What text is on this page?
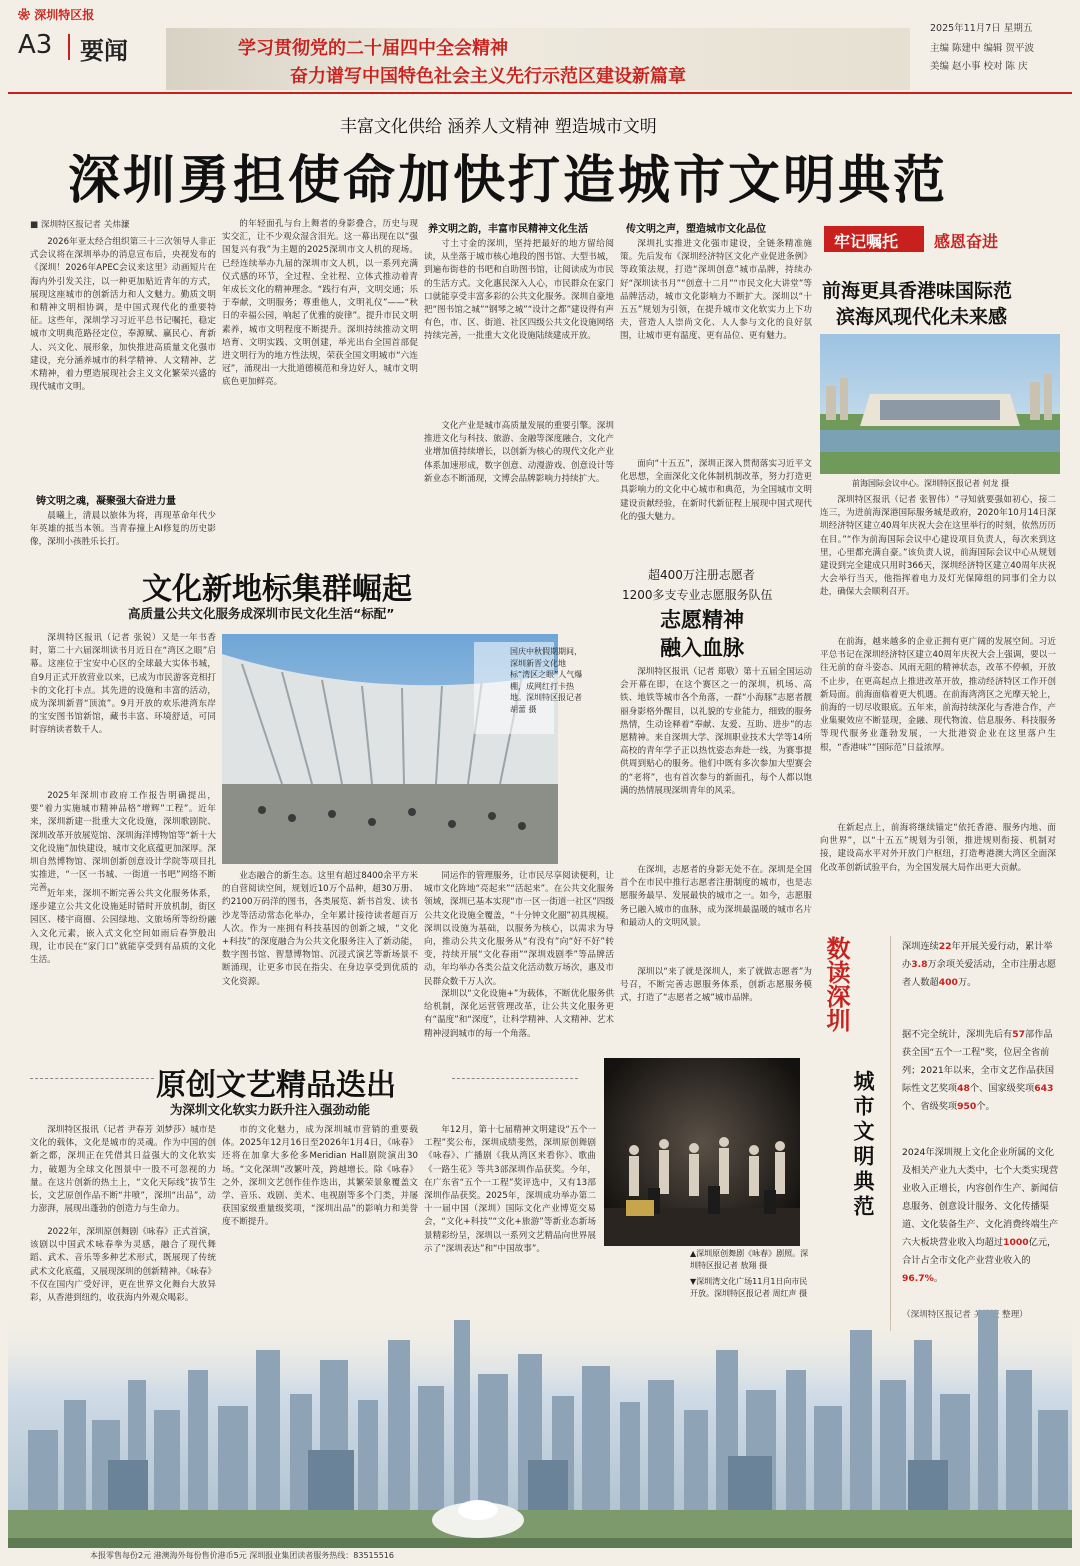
❀ 深圳特区报
A3 要闻	学习贯彻党的二十届四中全会精神
奋力谱写中国特色社会主义先行示范区建设新篇章
2025年11月7日 星期五
主编 陈建中 编辑 贺平波
美编 赵小事 校对 陈 庆
丰富文化供给 涵养人文精神 塑造城市文明
深圳勇担使命加快打造城市文明典范
■ 深圳特区报记者 关炜濂
2026年亚太经合组织第三十三次领导人非正式会议将在深圳举办的消息宣布后，央视发布的《深圳！2026年APEC会议来这里》动画短片在海内外引发关注，以一种更加贴近青年的方式，展现这座城市的创新活力和人文魅力。勤质文明和精神文明相协调，是中国式现代化的重要特征。这些年，深圳学习习近平总书记嘱托，稳定城市文明典范路径定位，奉源赋、赢民心、育新人、兴文化、展形象，加快推进高质量文化强市建设，充分涵养城市的科学精神、人文精神、艺术精神，着力塑造展现社会主义文化繁荣兴盛的现代城市文明。
铸文明之魂，凝聚强大奋进力量
晨曦上，清晨以旅体为将，再现革命年代少年英雄的抵当本领。当青春撞上AI修复的历史影像，深圳小孩胜乐长打。
的年轻面孔与台上舞者的身影叠合，历史与现实交汇，让不少观众湿含泪光。这一幕出现在以“强国复兴有我”为主题的2025深圳市文人机的现场。已经连续举办九届的深圳市文人机，以一系列充满仪式感的环节，全过程、全社程、立体式推动着青年成长文化的精神理念。“践行有声，文明交通；乐于奉献，文明服务；尊重他人，文明礼仪”——“秋日的幸福公园，响起了优雅的旋律”。提升市民文明素养，城市文明程度不断提升。深圳持续推动文明培育、文明实践、文明创建，举光出台全国首部促进文明行为的地方性法规，荣获全国文明城市“六连冠”，涌现出一大批道德模范和身边好人，城市文明底色更加鲜亮。
养文明之韵，丰富市民精神文化生活
寸土寸金的深圳，坚持把最好的地方留给阅读，从坐落于城市核心地段的图书馆、大型书城，到遍布街巷的书吧和自助图书馆，让阅读成为市民的生活方式。文化惠民深入人心，市民群众在家门口就能享受丰富多彩的公共文化服务。深圳自豪地把“图书馆之城”“钢琴之城”“设计之都”建设得有声有色，市、区、街道、社区四级公共文化设施网络持续完善，一批重大文化设施陆续建成开放。
文化产业是城市高质量发展的重要引擎。深圳推进文化与科技、旅游、金融等深度融合，文化产业增加值持续增长，以创新为核心的现代文化产业体系加速形成，数字创意、动漫游戏、创意设计等新业态不断涌现，文博会品牌影响力持续扩大。
传文明之声，塑造城市文化品位
深圳扎实推进文化强市建设，全链条精准施策。先后发布《深圳经济特区文化产业促进条例》等政策法规，打造“深圳创意”城市品牌，持续办好“深圳读书月”“创意十二月”“市民文化大讲堂”等品牌活动，城市文化影响力不断扩大。深圳以“十五五”规划为引领，在提升城市文化软实力上下功夫，营造人人崇尚文化、人人参与文化的良好氛围，让城市更有温度、更有品位、更有魅力。
面向“十五五”，深圳正深入贯彻落实习近平文化思想，全面深化文化体制机制改革，努力打造更具影响力的文化中心城市和典范，为全国城市文明建设贡献经验，在新时代新征程上展现中国式现代化的强大魅力。
牢记嘱托 感恩奋进
前海更具香港味国际范
滨海风现代化未来感
前海国际会议中心。深圳特区报记者 何龙 摄
深圳特区报讯（记者 张智伟）“寻知就要强如初心，接二连三，为进前海深港国际服务城是政府，2020年10月14日深圳经济特区建立40周年庆祝大会在这里举行的时刻，依然历历在目。”“作为前海国际会议中心建设项目负责人，每次来到这里，心里都充满自豪。”该负责人说，前海国际会议中心从规划建设到完全建成只用时366天，深圳经济特区建立40周年庆祝大会举行当天，他指挥着电力及灯光保障组的同事们全力以赴，确保大会顺利召开。
在前海，越来越多的企业正拥有更广阔的发展空间。习近平总书记在深圳经济特区建立40周年庆祝大会上强调，要以一往无前的奋斗姿态、风雨无阻的精神状态，改革不停顿，开放不止步，在更高起点上推进改革开放，推动经济特区工作开创新局面。前海面临着更大机遇。在前海湾湾区之光摩天轮上，前海的一切尽收眼底。五年来，前海持续深化与香港合作，产业集聚效应不断显现，金融、现代物流、信息服务、科技服务等现代服务业蓬勃发展，一大批港资企业在这里落户生根，“香港味”“国际范”日益浓厚。
在新起点上，前海将继续锚定“依托香港、服务内地、面向世界”，以“十五五”规划为引领，推进规则衔接、机制对接，建设高水平对外开放门户枢纽，打造粤港澳大湾区全面深化改革创新试验平台，为全国发展大局作出更大贡献。
文化新地标集群崛起
高质量公共文化服务成深圳市民文化生活“标配”
深圳特区报讯（记者 张锐）又是一年书香时，第二十六届深圳读书月近日在“湾区之眼”启幕。这座位于宝安中心区的全球最大实体书城，自9月正式开放营业以来，已成为市民游客竞相打卡的文化打卡点。其先进的设施和丰富的活动，成为深圳新晋“顶流”。9月开放的欢乐港湾东岸的宝安图书馆新馆，藏书丰富、环境舒适，可同时容纳读者数千人。
2025年深圳市政府工作报告明确提出，要“着力实施城市精神品格“增辉”工程”。近年来，深圳新建一批重大文化设施，深圳歌剧院、深圳改革开放展览馆、深圳海洋博物馆等“新十大文化设施”加快建设，城市文化底蕴更加深厚。深圳自然博物馆、深圳创新创意设计学院等项目扎实推进，“一区一书城、一街道一书吧”网络不断完善。
近年来，深圳不断完善公共文化服务体系，逐步建立公共文化设施延时错时开放机制，街区园区、楼宇商圈、公园绿地、文旅场所等纷纷融入文化元素，嵌入式文化空间如雨后春笋般出现，让市民在“家门口”就能享受到有品质的文化生活。
国庆中秋假期期间，深圳新晋文化地标“湾区之眼”人气爆棚，成网红打卡热地。深圳特区报记者 胡蕾 摄
业态融合的新生态。这里有超过8400余平方米的自营阅读空间，规划近10万个品种，超30万册、约2100万码洋的图书，各类展览、新书首发、读书沙龙等活动常态化举办，全年累计接待读者超百万人次。作为一座拥有科技基因的创新之城，“文化+科技”的深度融合为公共文化服务注入了新动能，数字图书馆、智慧博物馆、沉浸式演艺等新场景不断涌现，让更多市民在指尖、在身边享受到优质的文化资源。
同运作的管理服务，让市民尽享阅读便利，让城市文化阵地“亮起来”“活起来”。在公共文化服务领域，深圳已基本实现“市一区一街道一社区”四级公共文化设施全覆盖，“十分钟文化圈”初具规模。深圳以设施为基础，以服务为核心，以需求为导向，推动公共文化服务从“有没有”向“好不好”转变，持续开展“文化春雨”“深圳戏剧季”等品牌活动，年均举办各类公益文化活动数万场次，惠及市民群众数千万人次。
深圳以“文化设施+”为载体，不断优化服务供给机制，深化运营管理改革，让公共文化服务更有“温度”和“深度”，让科学精神、人文精神、艺术精神浸润城市的每一个角落。
超400万注册志愿者
1200多支专业志愿服务队伍
志愿精神
融入血脉
深圳特区报讯（记者 郑敬）第十五届全国运动会开幕在即，在这个赛区之一的深圳，机场、高铁、地铁等城市各个角落，一群“小海豚”志愿者靓丽身影格外醒目，以礼貌的专业能力，细致的服务热情，生动诠释着“奉献、友爱、互助、进步”的志愿精神。来自深圳大学、深圳职业技术大学等14所高校的青年学子正以热忱姿态奔赴一线，为赛事提供周到贴心的服务。他们中既有多次参加大型赛会的“老将”，也有首次参与的新面孔，每个人都以饱满的热情展现深圳青年的风采。
在深圳，志愿者的身影无处不在。深圳是全国首个在市民中推行志愿者注册制度的城市，也是志愿服务最早、发展最快的城市之一。如今，志愿服务已融入城市的血脉，成为深圳最温暖的城市名片和最动人的文明风景。
深圳以“来了就是深圳人，来了就做志愿者”为号召，不断完善志愿服务体系，创新志愿服务模式，打造了“志愿者之城”城市品牌。	数读深圳
城市文明典范
深圳连续22年开展关爱行动，累计举办3.8万余项关爱活动，全市注册志愿者人数超400万。
据不完全统计，深圳先后有57部作品获全国“五个一工程”奖，位居全省前列；2021年以来，全市文艺作品获国际性文艺奖项48个、国家级奖项643个、省级奖项950个。
2024年深圳规上文化企业所属的文化及相关产业九大类中，七个大类实现营业收入正增长，内容创作生产、新闻信息服务、创意设计服务、文化传播渠道、文化装备生产、文化消费终端生产六大板块营业收入均超过1000亿元，合计占全市文化产业营业收入的96.7%。
原创文艺精品迭出
为深圳文化软实力跃升注入强劲动能
深圳特区报讯（记者 尹春芳 刘梦莎）城市是文化的载体，文化是城市的灵魂。作为中国的创新之都，深圳正在凭借其日益强大的文化软实力，破题为全球文化图景中一股不可忽视的力量。在这片创新的热土上，“文化天际线”拔节生长，文艺原创作品不断“井喷”，深圳“出品”，动力澎湃，展现出蓬勃的创造力与生命力。
2022年，深圳原创舞剧《咏春》正式首演，该剧以中国武术咏春拳为灵感，融合了现代舞蹈、武术、音乐等多种艺术形式，既展现了传统武术文化底蕴，又展现深圳的创新精神。《咏春》不仅在国内广受好评，更在世界文化舞台大放异彩，从香港到纽约，收获海内外观众喝彩。
市的文化魅力，成为深圳城市营销的重要载体。2025年12月16日至2026年1月4日，《咏春》还将在加拿大多伦多Meridian Hall剧院演出30场。“文化深圳”改繁叶茂，跨越增长。除《咏春》之外，深圳文艺创作佳作迭出，其繁荣景象覆盖文学、音乐、戏剧、美术、电视剧等多个门类，并屡获国家级重量级奖项，“深圳出品”的影响力和美誉度不断提升。
年12月，第十七届精神文明建设“五个一工程”奖公布，深圳成绩斐然，深圳原创舞剧《咏春》、广播剧《我从湾区来看你》、歌曲《一路生花》等共3部深圳作品获奖。今年，在广东省“五个一工程”奖评选中，又有13部深圳作品获奖。2025年，深圳成功举办第二十一届中国（深圳）国际文化产业博览交易会，“文化+科技”“文化+旅游”等新业态新场景精彩纷呈，深圳以一系列文艺精品向世界展示了“深圳表达”和“中国故事”。	▲深圳原创舞剧《咏春》剧照。深圳特区报记者 敖翔 摄
▼深圳湾文化广场11月1日向市民开放。深圳特区报记者 周红声 摄
本报零售每份2元 港澳海外每份售价港币5元 深圳报业集团读者服务热线：83515516
